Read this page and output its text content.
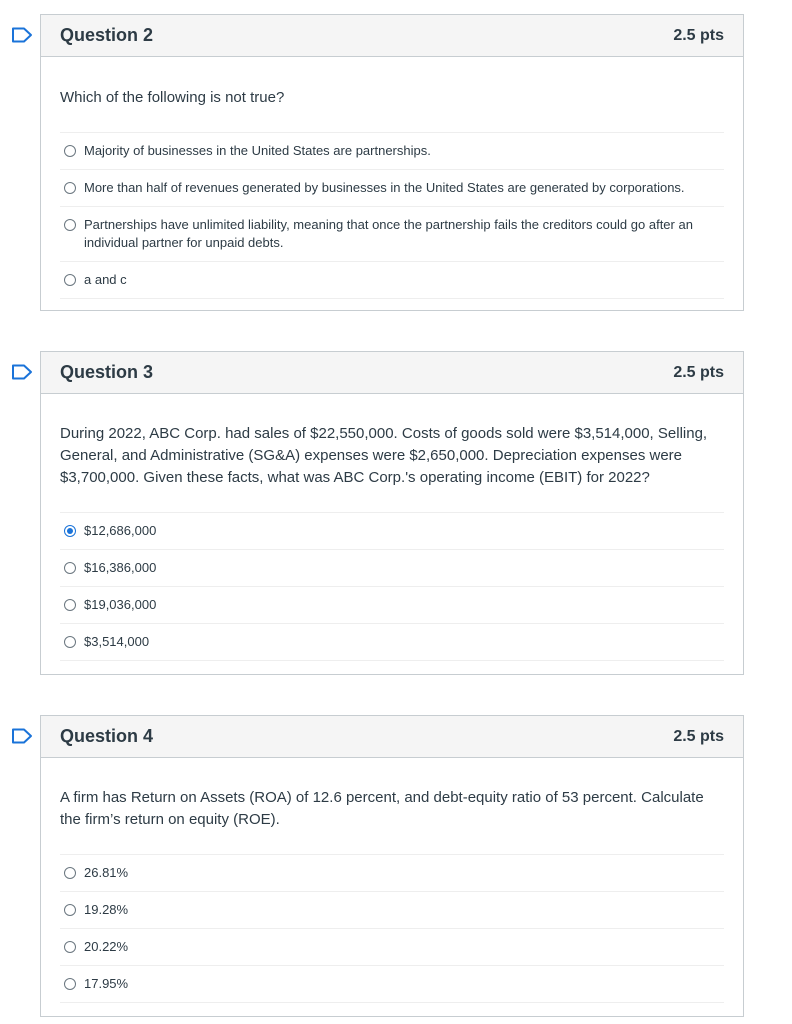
Question 2	2.5 pts

Which of the following is not true?

Majority of businesses in the United States are partnerships.
More than half of revenues generated by businesses in the United States are generated by corporations.
Partnerships have unlimited liability, meaning that once the partnership fails the creditors could go after an individual partner for unpaid debts.
a and c
Question 3	2.5 pts

During 2022, ABC Corp. had sales of $22,550,000. Costs of goods sold were $3,514,000, Selling, General, and Administrative (SG&A) expenses were $2,650,000. Depreciation expenses were $3,700,000. Given these facts, what was ABC Corp.'s operating income (EBIT) for 2022?

$12,686,000
$16,386,000
$19,036,000
$3,514,000
Question 4	2.5 pts

A firm has Return on Assets (ROA) of 12.6 percent, and debt-equity ratio of 53 percent. Calculate the firm’s return on equity (ROE).

26.81%
19.28%
20.22%
17.95%
